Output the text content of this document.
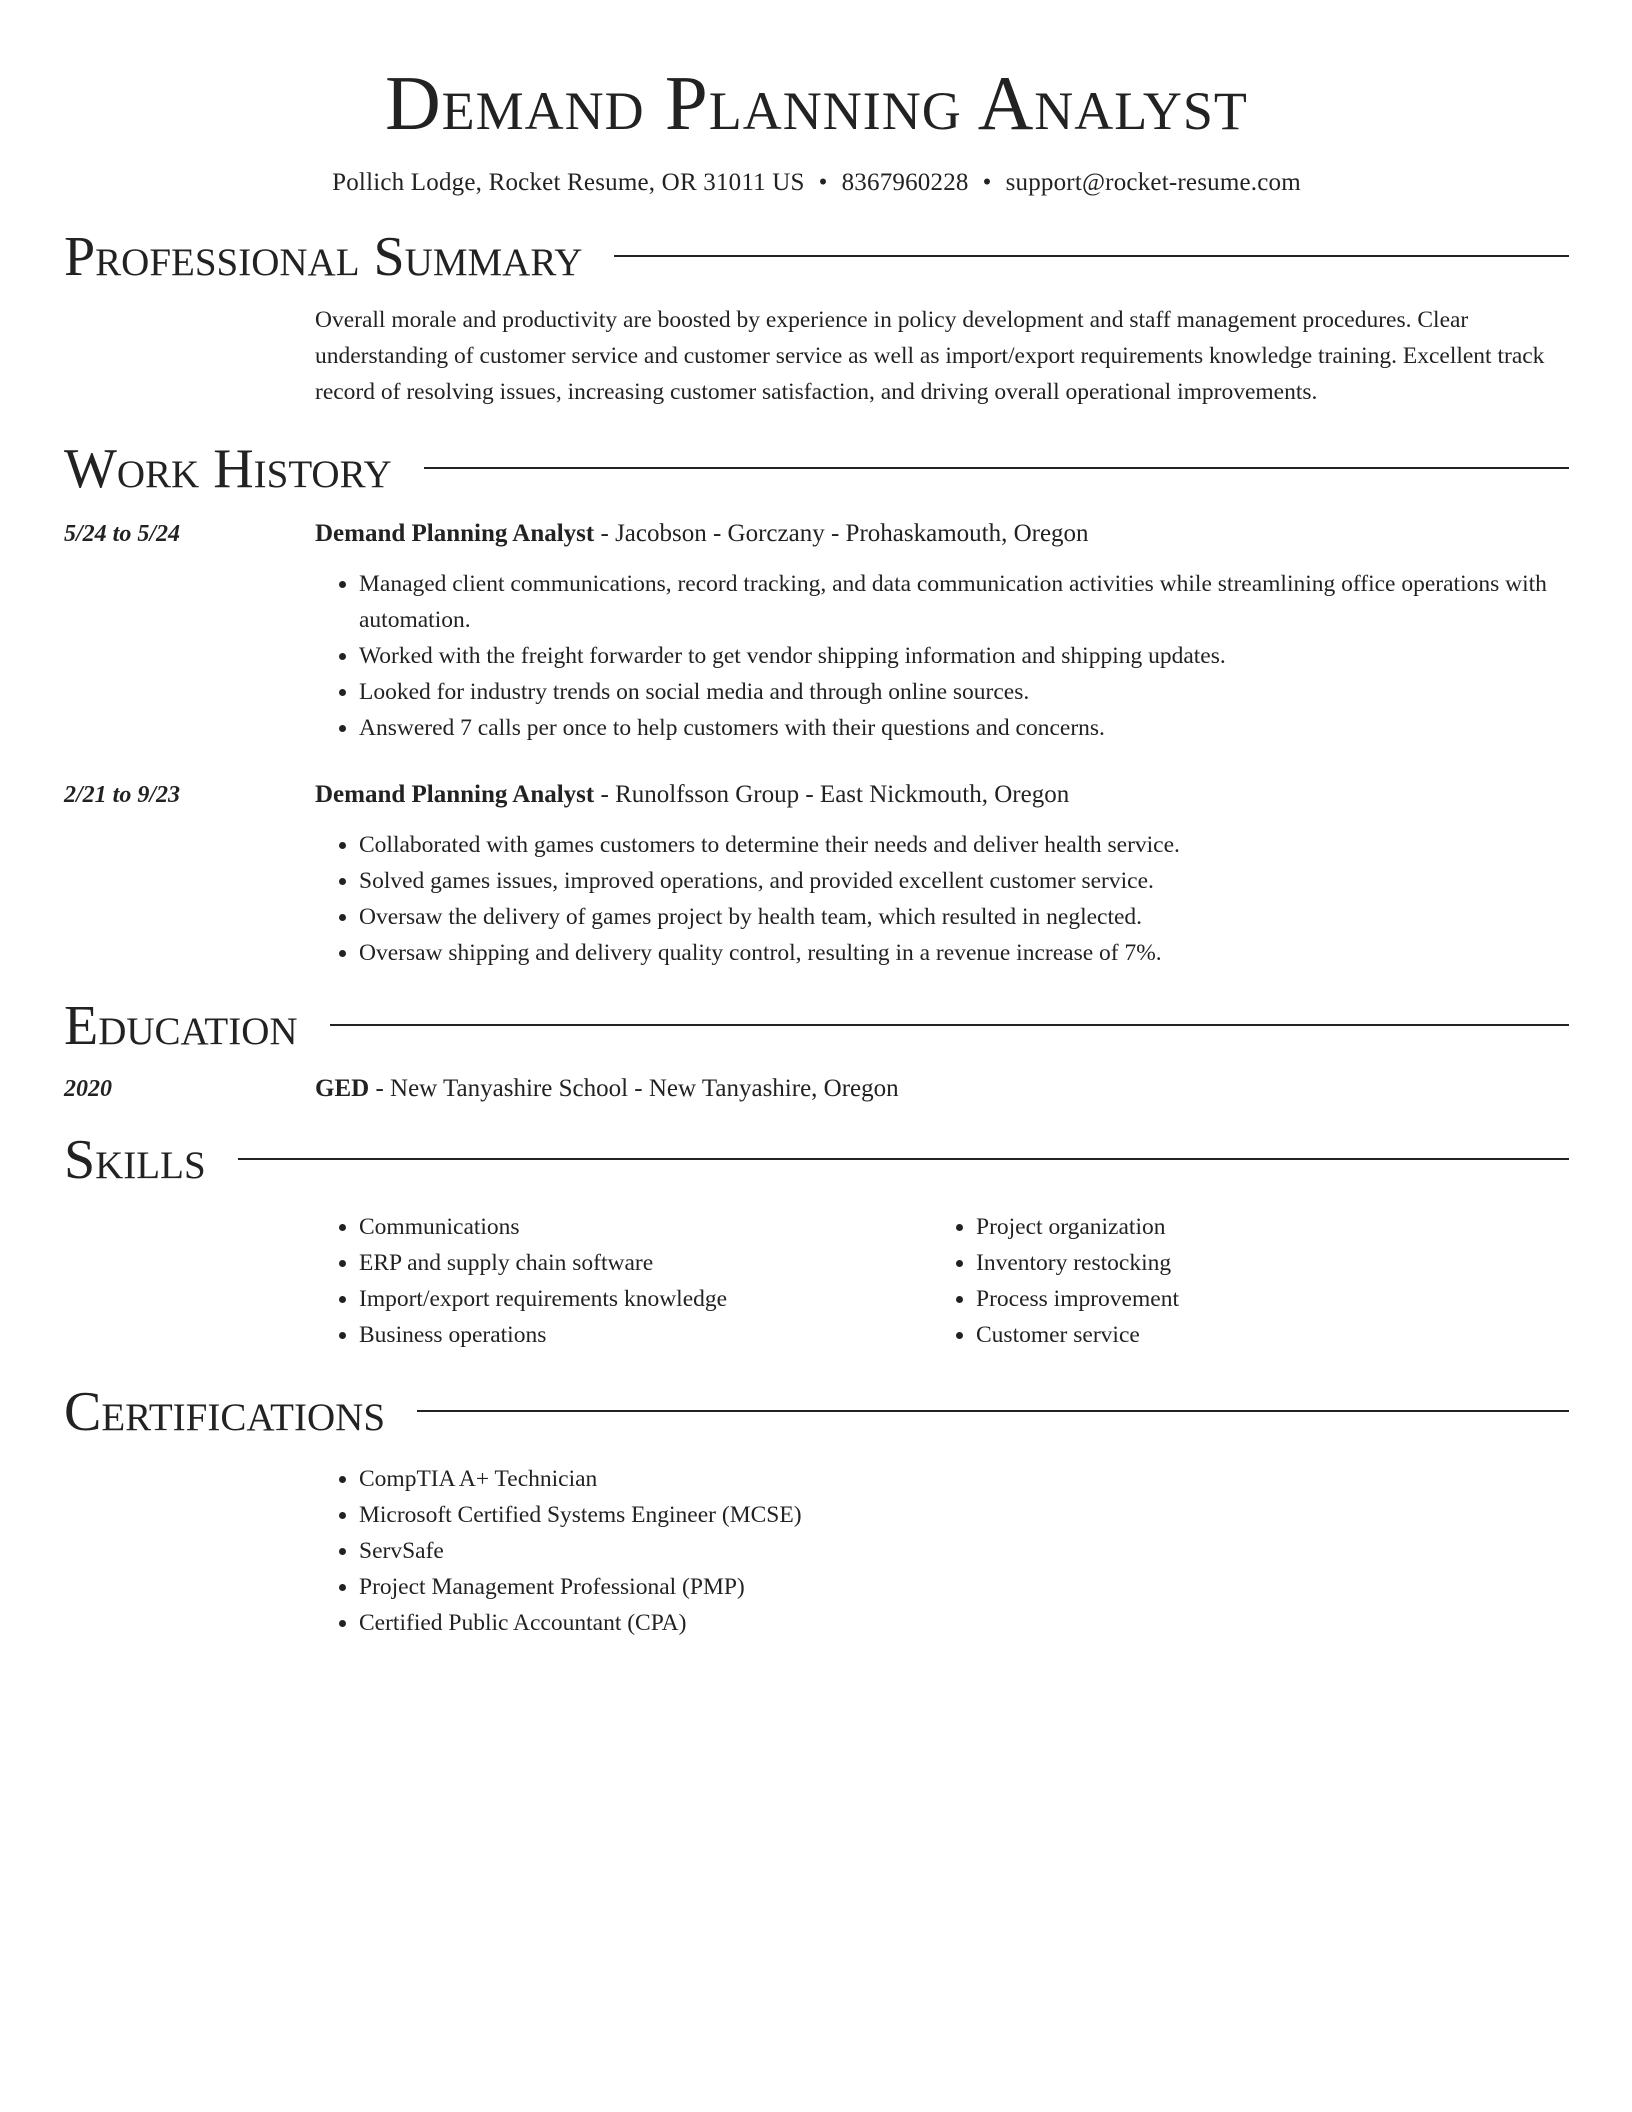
Demand Planning Analyst
Pollich Lodge, Rocket Resume, OR 31011 US • 8367960228 • support@rocket-resume.com
Professional Summary
Overall morale and productivity are boosted by experience in policy development and staff management procedures. Clear understanding of customer service and customer service as well as import/export requirements knowledge training. Excellent track record of resolving issues, increasing customer satisfaction, and driving overall operational improvements.
Work History
5/24 to 5/24	Demand Planning Analyst - Jacobson - Gorczany - Prohaskamouth, Oregon
• Managed client communications, record tracking, and data communication activities while streamlining office operations with automation.
• Worked with the freight forwarder to get vendor shipping information and shipping updates.
• Looked for industry trends on social media and through online sources.
• Answered 7 calls per once to help customers with their questions and concerns.
2/21 to 9/23	Demand Planning Analyst - Runolfsson Group - East Nickmouth, Oregon
• Collaborated with games customers to determine their needs and deliver health service.
• Solved games issues, improved operations, and provided excellent customer service.
• Oversaw the delivery of games project by health team, which resulted in neglected.
• Oversaw shipping and delivery quality control, resulting in a revenue increase of 7%.
Education
2020	GED - New Tanyashire School - New Tanyashire, Oregon
Skills
• Communications
• ERP and supply chain software
• Import/export requirements knowledge
• Business operations
• Project organization
• Inventory restocking
• Process improvement
• Customer service
Certifications
• CompTIA A+ Technician
• Microsoft Certified Systems Engineer (MCSE)
• ServSafe
• Project Management Professional (PMP)
• Certified Public Accountant (CPA)
